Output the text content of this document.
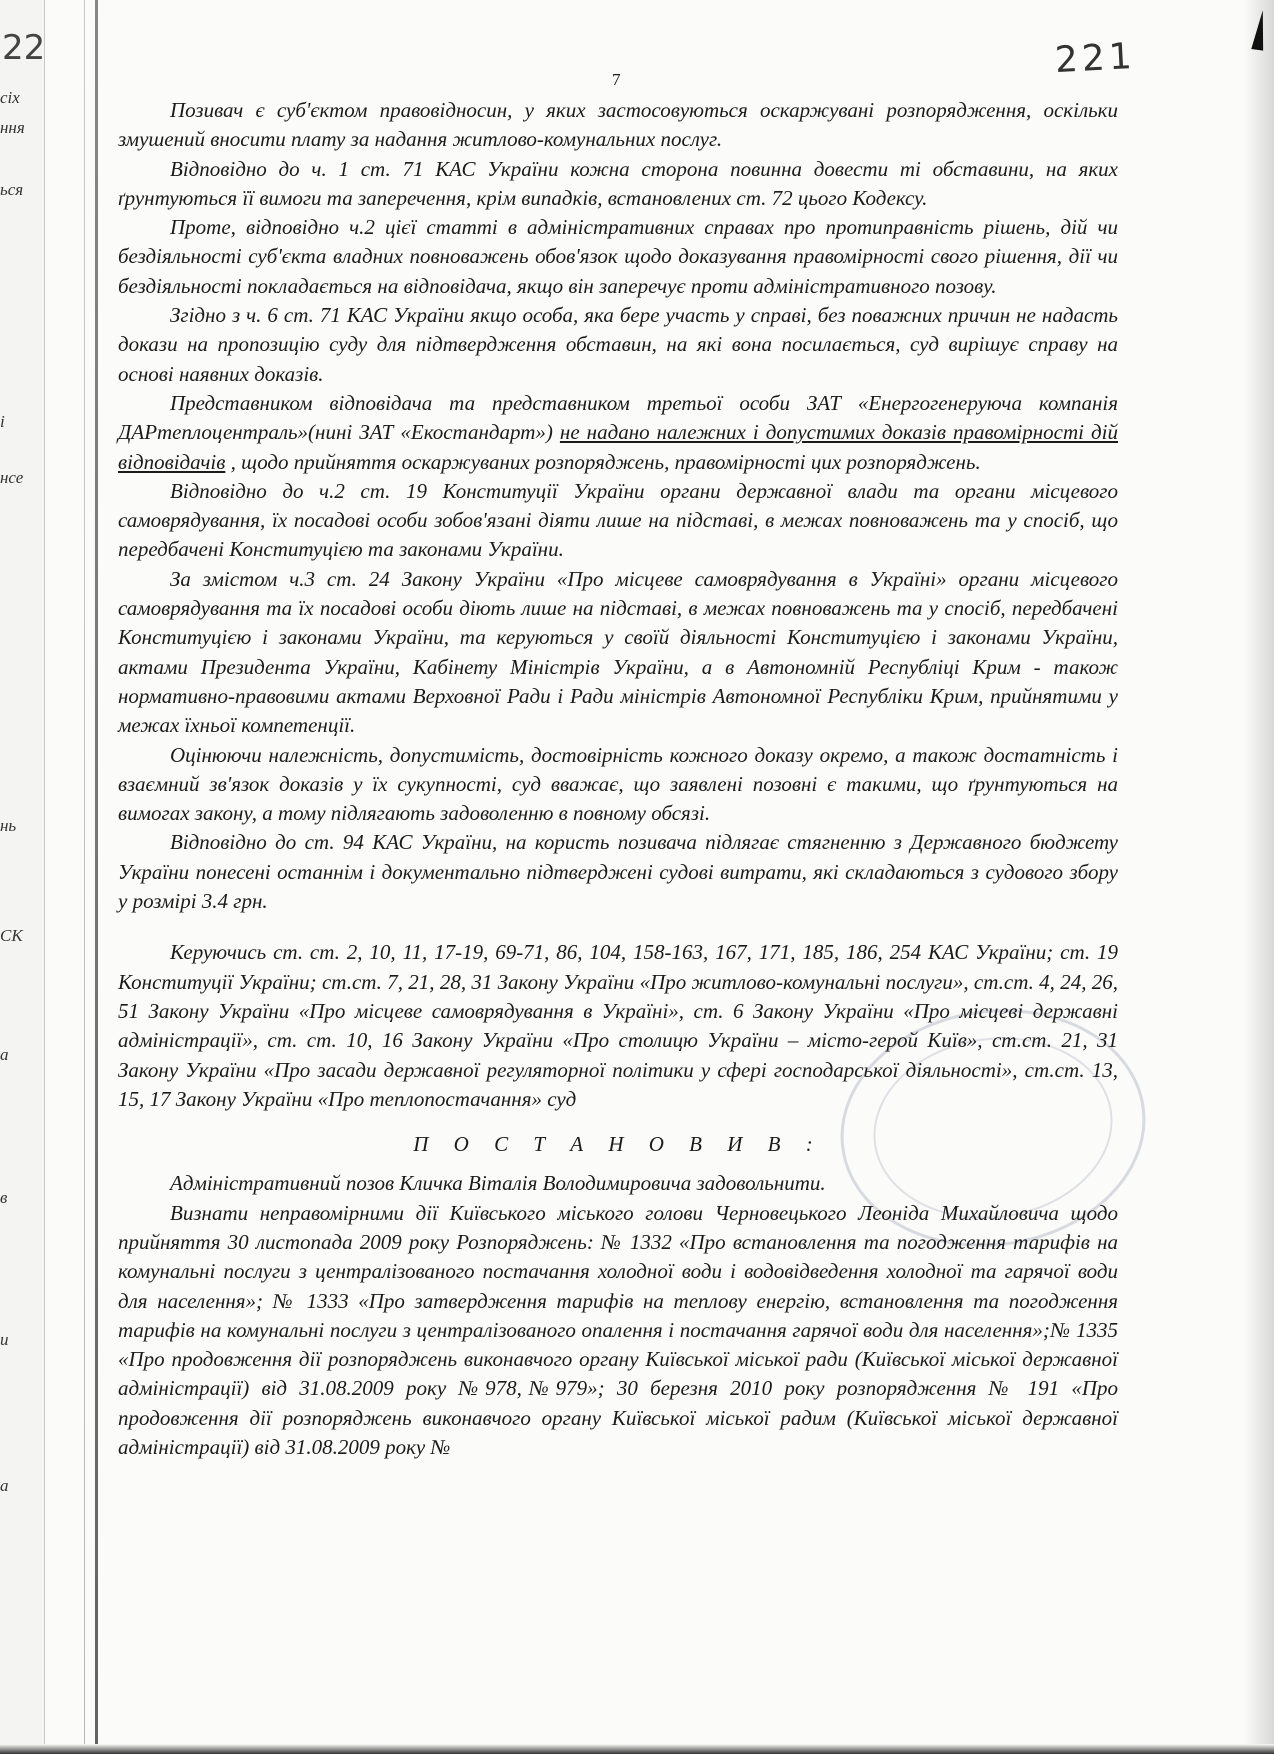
сіх
ння
ься
і
нсе
нь
СК
а
в
и
а
22	221
7

Позивач є суб'єктом правовідносин, у яких застосовуються оскаржувані розпорядження, оскільки змушений вносити плату за надання житлово-комунальних послуг.

Відповідно до ч. 1 ст. 71 КАС України кожна сторона повинна довести ті обставини, на яких ґрунтуються її вимоги та заперечення, крім випадків, встановлених ст. 72 цього Кодексу.

Проте, відповідно ч.2 цієї статті в адміністративних справах про протиправність рішень, дій чи бездіяльності суб'єкта владних повноважень обов'язок щодо доказування правомірності свого рішення, дії чи бездіяльності покладається на відповідача, якщо він заперечує проти адміністративного позову.

Згідно з ч. 6 ст. 71 КАС України якщо особа, яка бере участь у справі, без поважних причин не надасть докази на пропозицію суду для підтвердження обставин, на які вона посилається, суд вирішує справу на основі наявних доказів.

Представником відповідача та представником третьої особи ЗАТ «Енергогенеруюча компанія ДАРтеплоцентраль»(нині ЗАТ «Екостандарт») не надано належних і допустимих доказів правомірності дій відповідачів , щодо прийняття оскаржуваних розпоряджень, правомірності цих розпоряджень.

Відповідно до ч.2 ст. 19 Конституції України органи державної влади та органи місцевого самоврядування, їх посадові особи зобов'язані діяти лише на підставі, в межах повноважень та у спосіб, що передбачені Конституцією та законами України.

За змістом ч.3 ст. 24 Закону України «Про місцеве самоврядування в Україні» органи місцевого самоврядування та їх посадові особи діють лише на підставі, в межах повноважень та у спосіб, передбачені Конституцією і законами України, та керуються у своїй діяльності Конституцією і законами України, актами Президента України, Кабінету Міністрів України, а в Автономній Республіці Крим - також нормативно-правовими актами Верховної Ради і Ради міністрів Автономної Республіки Крим, прийнятими у межах їхньої компетенції.

Оцінюючи належність, допустимість, достовірність кожного доказу окремо, а також достатність і взаємний зв'язок доказів у їх сукупності, суд вважає, що заявлені позовні є такими, що ґрунтуються на вимогах закону, а тому підлягають задоволенню в повному обсязі.

Відповідно до ст. 94 КАС України, на користь позивача підлягає стягненню з Державного бюджету України понесені останнім і документально підтверджені судові витрати, які складаються з судового збору у розмірі 3.4 грн.

Керуючись ст. ст. 2, 10, 11, 17-19, 69-71, 86, 104, 158-163, 167, 171, 185, 186, 254 КАС України; ст. 19 Конституції України; ст.ст. 7, 21, 28, 31 Закону України «Про житлово-комунальні послуги», ст.ст. 4, 24, 26, 51 Закону України «Про місцеве самоврядування в Україні», ст. 6 Закону України «Про місцеві державні адміністрації», ст. ст. 10, 16 Закону України «Про столицю України – місто-герой Київ», ст.ст. 21, 31 Закону України «Про засади державної регуляторної політики у сфері господарської діяльності», ст.ст. 13, 15, 17 Закону України «Про теплопостачання» суд

П О С Т А Н О В И В :

Адміністративний позов Кличка Віталія Володимировича задовольнити.

Визнати неправомірними дії Київського міського голови Черновецького Леоніда Михайловича щодо прийняття 30 листопада 2009 року Розпоряджень: № 1332 «Про встановлення та погодження тарифів на комунальні послуги з централізованого постачання холодної води і водовідведення холодної та гарячої води для населення»; № 1333 «Про затвердження тарифів на теплову енергію, встановлення та погодження тарифів на комунальні послуги з централізованого опалення і постачання гарячої води для населення»;№ 1335 «Про продовження дії розпоряджень виконавчого органу Київської міської ради (Київської міської державної адміністрації) від 31.08.2009 року №978,№979»; 30 березня 2010 року розпорядження № 191 «Про продовження дії розпоряджень виконавчого органу Київської міської радим (Київської міської державної адміністрації) від 31.08.2009 року №
